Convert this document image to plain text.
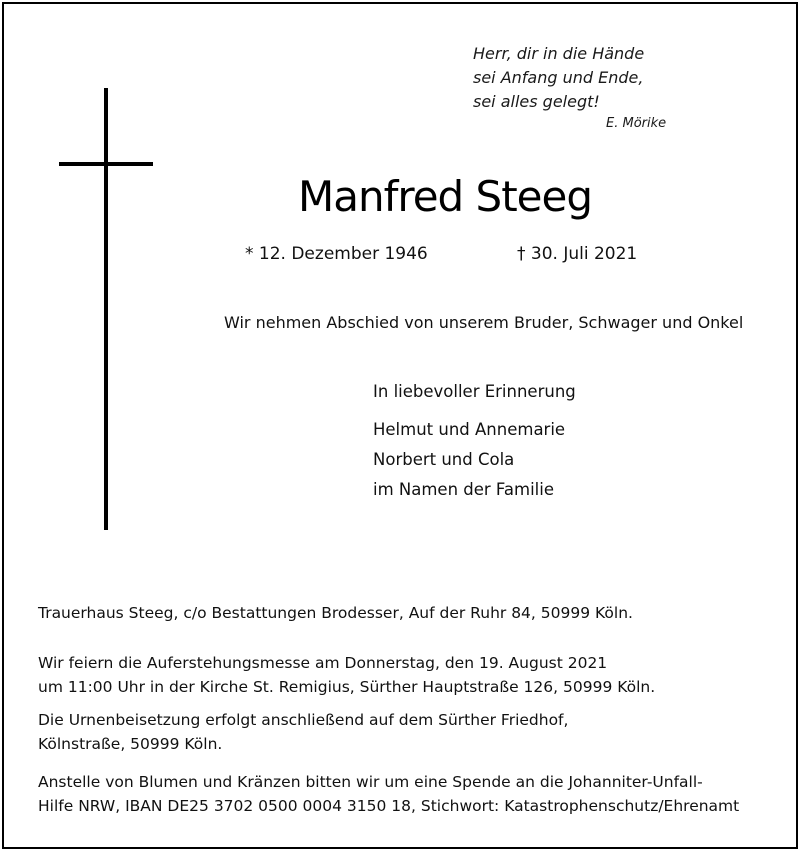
Herr, dir in die Hände
sei Anfang und Ende,
sei alles gelegt!
E. Mörike
Manfred Steeg
* 12. Dezember 1946	† 30. Juli 2021
Wir nehmen Abschied von unserem Bruder, Schwager und Onkel
In liebevoller Erinnerung
Helmut und Annemarie
Norbert und Cola
im Namen der Familie
Trauerhaus Steeg, c/o Bestattungen Brodesser, Auf der Ruhr 84, 50999 Köln.
Wir feiern die Auferstehungsmesse am Donnerstag, den 19. August 2021
um 11:00 Uhr in der Kirche St. Remigius, Sürther Hauptstraße 126, 50999 Köln.
Die Urnenbeisetzung erfolgt anschließend auf dem Sürther Friedhof,
Kölnstraße, 50999 Köln.
Anstelle von Blumen und Kränzen bitten wir um eine Spende an die Johanniter-Unfall-
Hilfe NRW, IBAN DE25 3702 0500 0004 3150 18, Stichwort: Katastrophenschutz/Ehrenamt
